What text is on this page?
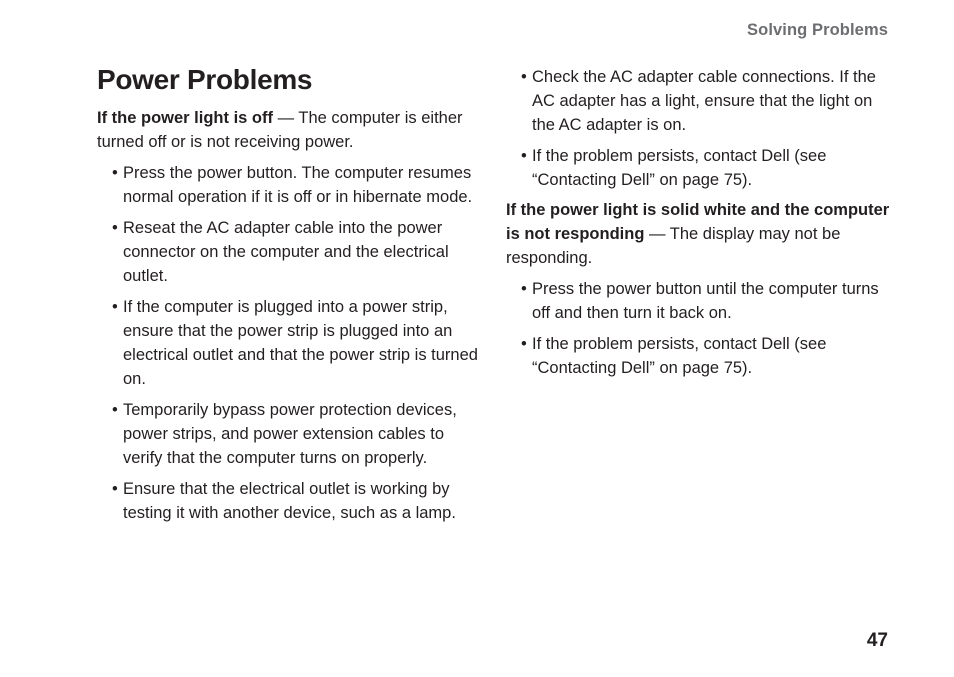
Solving Problems
Power Problems

If the power light is off — The computer is either turned off or is not receiving power.

• Press the power button. The computer resumes normal operation if it is off or in hibernate mode.
• Reseat the AC adapter cable into the power connector on the computer and the electrical outlet.
• If the computer is plugged into a power strip, ensure that the power strip is plugged into an electrical outlet and that the power strip is turned on.
• Temporarily bypass power protection devices, power strips, and power extension cables to verify that the computer turns on properly.
• Ensure that the electrical outlet is working by testing it with another device, such as a lamp.
• Check the AC adapter cable connections. If the AC adapter has a light, ensure that the light on the AC adapter is on.
• If the problem persists, contact Dell (see “Contacting Dell” on page 75).

If the power light is solid white and the computer is not responding — The display may not be responding.

• Press the power button until the computer turns off and then turn it back on.
• If the problem persists, contact Dell (see “Contacting Dell” on page 75).
47
